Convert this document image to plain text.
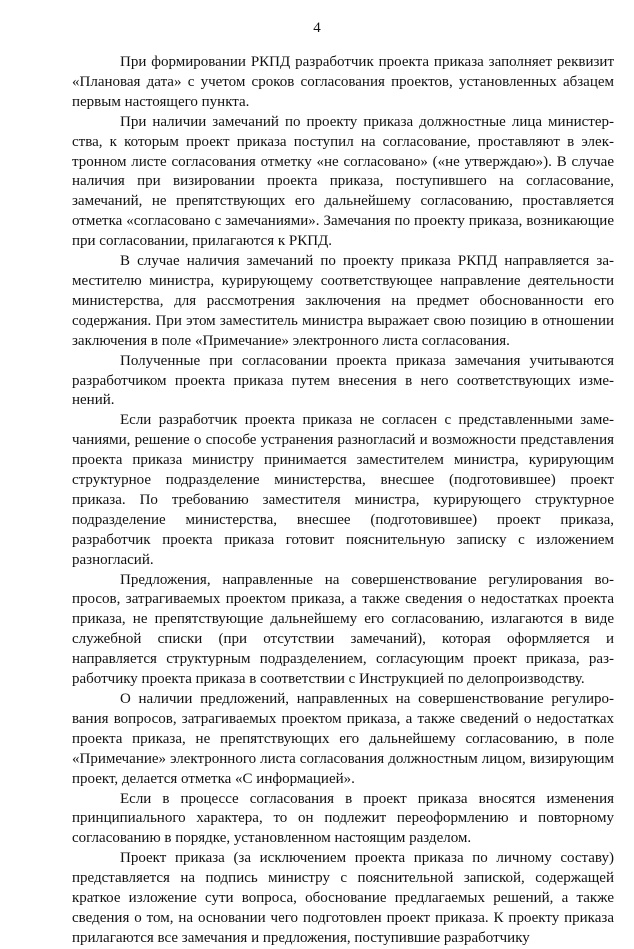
4

При формировании РКПД разработчик проекта приказа заполняет реквизит «Плановая дата» с учетом сроков согласования проектов, установленных абзацем первым настоящего пункта.

При наличии замечаний по проекту приказа должностные лица министерства, к которым проект приказа поступил на согласование, проставляют в электронном листе согласования отметку «не согласовано» («не утверждаю»). В случае наличия при визировании проекта приказа, поступившего на согласование, замечаний, не препятствующих его дальнейшему согласованию, проставляется отметка «согласовано с замечаниями». Замечания по проекту приказа, возникающие при согласовании, прилагаются к РКПД.

В случае наличия замечаний по проекту приказа РКПД направляется заместителю министра, курирующему соответствующее направление деятельности министерства, для рассмотрения заключения на предмет обоснованности его содержания. При этом заместитель министра выражает свою позицию в отношении заключения в поле «Примечание» электронного листа согласования.

Полученные при согласовании проекта приказа замечания учитываются разработчиком проекта приказа путем внесения в него соответствующих изменений.

Если разработчик проекта приказа не согласен с представленными замечаниями, решение о способе устранения разногласий и возможности представления проекта приказа министру принимается заместителем министра, курирующим структурное подразделение министерства, внесшее (подготовившее) проект приказа. По требованию заместителя министра, курирующего структурное подразделение министерства, внесшее (подготовившее) проект приказа, разработчик проекта приказа готовит пояснительную записку с изложением разногласий.

Предложения, направленные на совершенствование регулирования вопросов, затрагиваемых проектом приказа, а также сведения о недостатках проекта приказа, не препятствующие дальнейшему его согласованию, излагаются в виде служебной списки (при отсутствии замечаний), которая оформляется и направляется структурным подразделением, согласующим проект приказа, разработчику проекта приказа в соответствии с Инструкцией по делопроизводству.

О наличии предложений, направленных на совершенствование регулирования вопросов, затрагиваемых проектом приказа, а также сведений о недостатках проекта приказа, не препятствующих его дальнейшему согласованию, в поле «Примечание» электронного листа согласования должностным лицом, визирующим проект, делается отметка «С информацией».

Если в процессе согласования в проект приказа вносятся изменения принципиального характера, то он подлежит переоформлению и повторному согласованию в порядке, установленном настоящим разделом.

Проект приказа (за исключением проекта приказа по личному составу) представляется на подпись министру с пояснительной запиской, содержащей краткое изложение сути вопроса, обоснование предлагаемых решений, а также сведения о том, на основании чего подготовлен проект приказа. К проекту приказа прилагаются все замечания и предложения, поступившие разработчику
